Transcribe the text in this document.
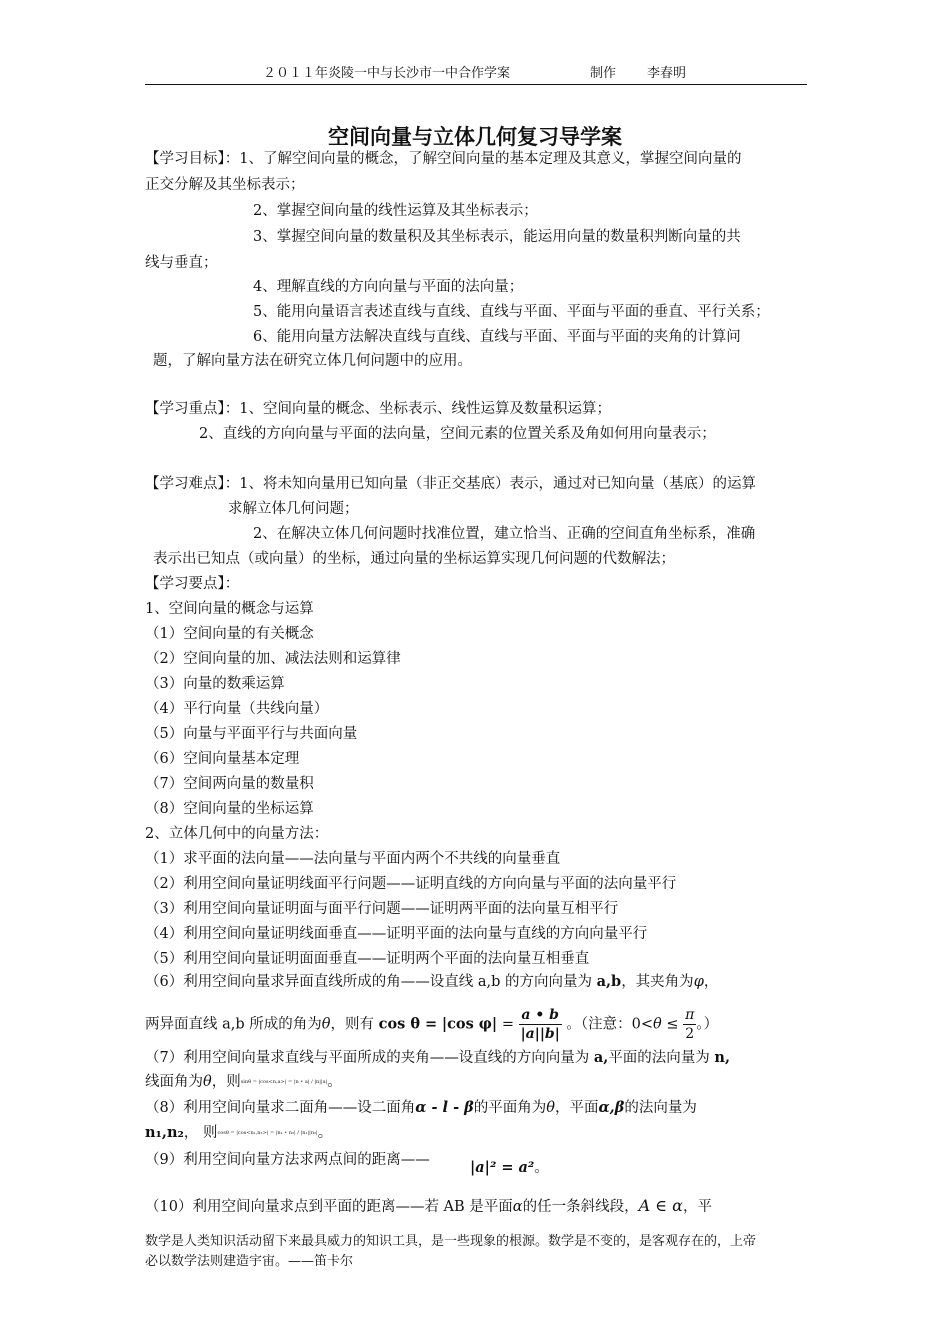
２０１１年炎陵一中与长沙市一中合作学案	制作 李春明
空间向量与立体几何复习导学案
【学习目标】：1、了解空间向量的概念，了解空间向量的基本定理及其意义，掌握空间向量的
正交分解及其坐标表示；
2、掌握空间向量的线性运算及其坐标表示；
3、掌握空间向量的数量积及其坐标表示，能运用向量的数量积判断向量的共
线与垂直；
4、理解直线的方向向量与平面的法向量；
5、能用向量语言表述直线与直线、直线与平面、平面与平面的垂直、平行关系；
6、能用向量方法解决直线与直线、直线与平面、平面与平面的夹角的计算问
题，了解向量方法在研究立体几何问题中的应用。
【学习重点】：1、空间向量的概念、坐标表示、线性运算及数量积运算；
2、直线的方向向量与平面的法向量，空间元素的位置关系及角如何用向量表示；
【学习难点】：1、将未知向量用已知向量（非正交基底）表示，通过对已知向量（基底）的运算
求解立体几何问题；
2、在解决立体几何问题时找准位置，建立恰当、正确的空间直角坐标系，准确
表示出已知点（或向量）的坐标，通过向量的坐标运算实现几何问题的代数解法；
【学习要点】：
1、空间向量的概念与运算
（1）空间向量的有关概念
（2）空间向量的加、减法法则和运算律
（3）向量的数乘运算
（4）平行向量（共线向量）
（5）向量与平面平行与共面向量
（6）空间向量基本定理
（7）空间两向量的数量积
（8）空间向量的坐标运算
2、立体几何中的向量方法：
（1）求平面的法向量——法向量与平面内两个不共线的向量垂直
（2）利用空间向量证明线面平行问题——证明直线的方向向量与平面的法向量平行
（3）利用空间向量证明面与面平行问题——证明两平面的法向量互相平行
（4）利用空间向量证明线面垂直——证明平面的法向量与直线的方向向量平行
（5）利用空间向量证明面面垂直——证明两个平面的法向量互相垂直
（6）利用空间向量求异面直线所成的角——设直线 a,b 的方向向量为 a,b，其夹角为φ，
两异面直线 a,b 所成的角为θ，则有 cos θ = |cos $\varphi| = \frac{a • b}{|a||b|}$ 。（注意：$0<\theta \le \frac{\pi}{2}$ 。）
（7）利用空间向量求直线与平面所成的夹角——设直线的方向向量为 a,平面的法向量为 n,
线面角为θ，则sinθ = |cos<n,a>| = |n • a| / |n||a|。
（8）利用空间向量求二面角——设二面角α - l - β的平面角为θ，平面α,β的法向量为
n₁,n₂， 则cosθ = |cos<n₁,n₂>| = |n₁ • n₂| / |n₁||n₂|。
（9）利用空间向量方法求两点间的距离——	|a|² = a²。
（10）利用空间向量求点到平面的距离——若 AB 是平面α的任一条斜线段，A ∈ α，平
数学是人类知识活动留下来最具威力的知识工具，是一些现象的根源。数学是不变的，是客观存在的，上帝
必以数学法则建造宇宙。——笛卡尔
